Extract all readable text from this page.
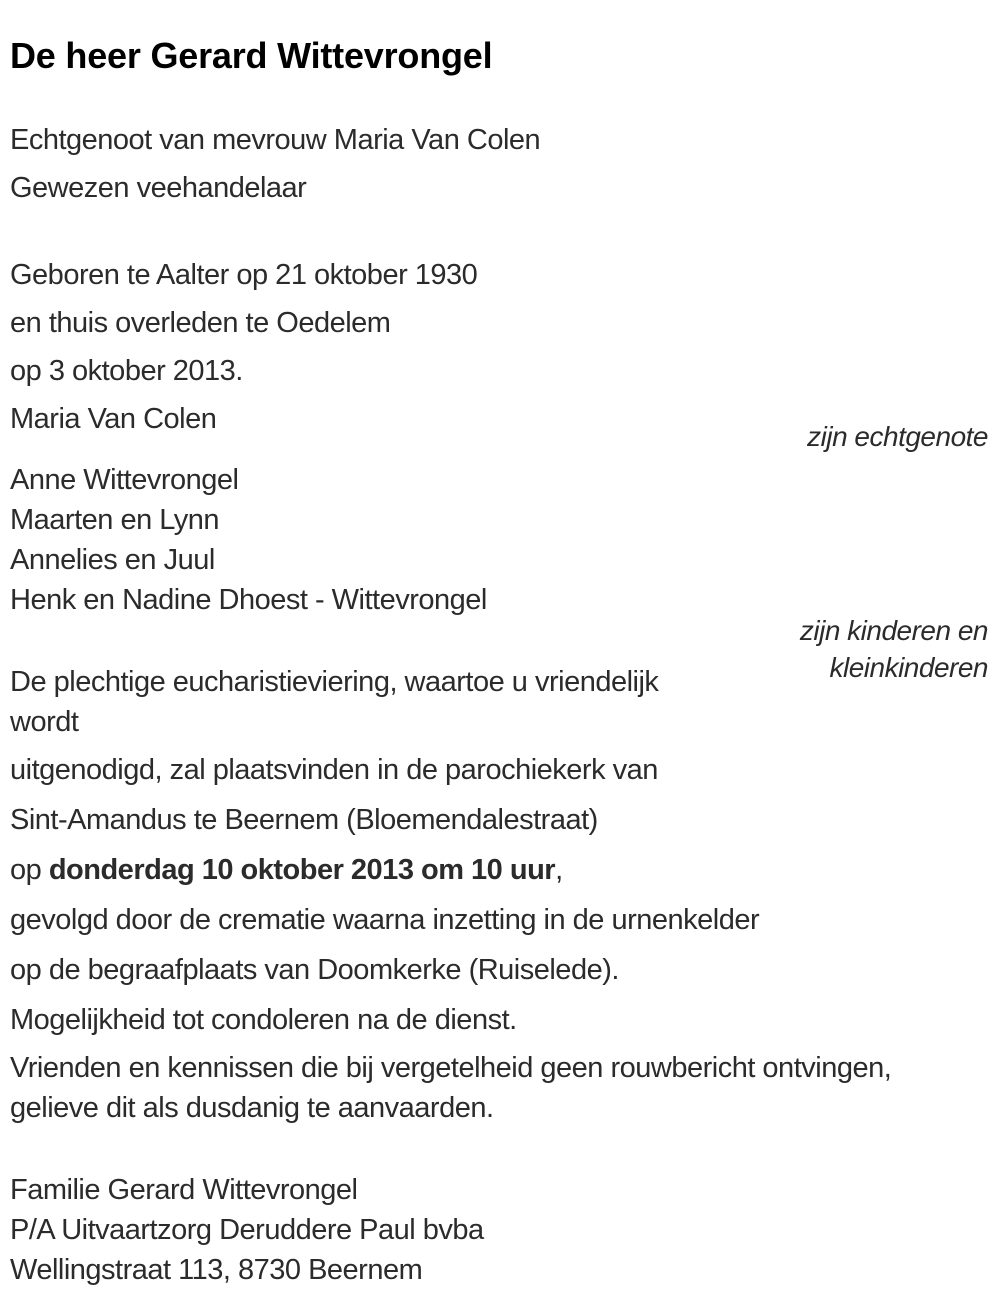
De heer Gerard Wittevrongel

Echtgenoot van mevrouw Maria Van Colen

Gewezen veehandelaar

Geboren te Aalter op 21 oktober 1930

en thuis overleden te Oedelem

op 3 oktober 2013.

Maria Van Colen

zijn echtgenote

Anne Wittevrongel
Maarten en Lynn
Annelies en Juul
Henk en Nadine Dhoest - Wittevrongel

zijn kinderen en
kleinkinderen

De plechtige eucharistieviering, waartoe u vriendelijk
wordt

uitgenodigd, zal plaatsvinden in de parochiekerk van

Sint-Amandus te Beernem (Bloemendalestraat)

op donderdag 10 oktober 2013 om 10 uur,

gevolgd door de crematie waarna inzetting in de urnenkelder

op de begraafplaats van Doomkerke (Ruiselede).

Mogelijkheid tot condoleren na de dienst.

Vrienden en kennissen die bij vergetelheid geen rouwbericht ontvingen,
gelieve dit als dusdanig te aanvaarden.

Familie Gerard Wittevrongel
P/A Uitvaartzorg Deruddere Paul bvba
Wellingstraat 113, 8730 Beernem
